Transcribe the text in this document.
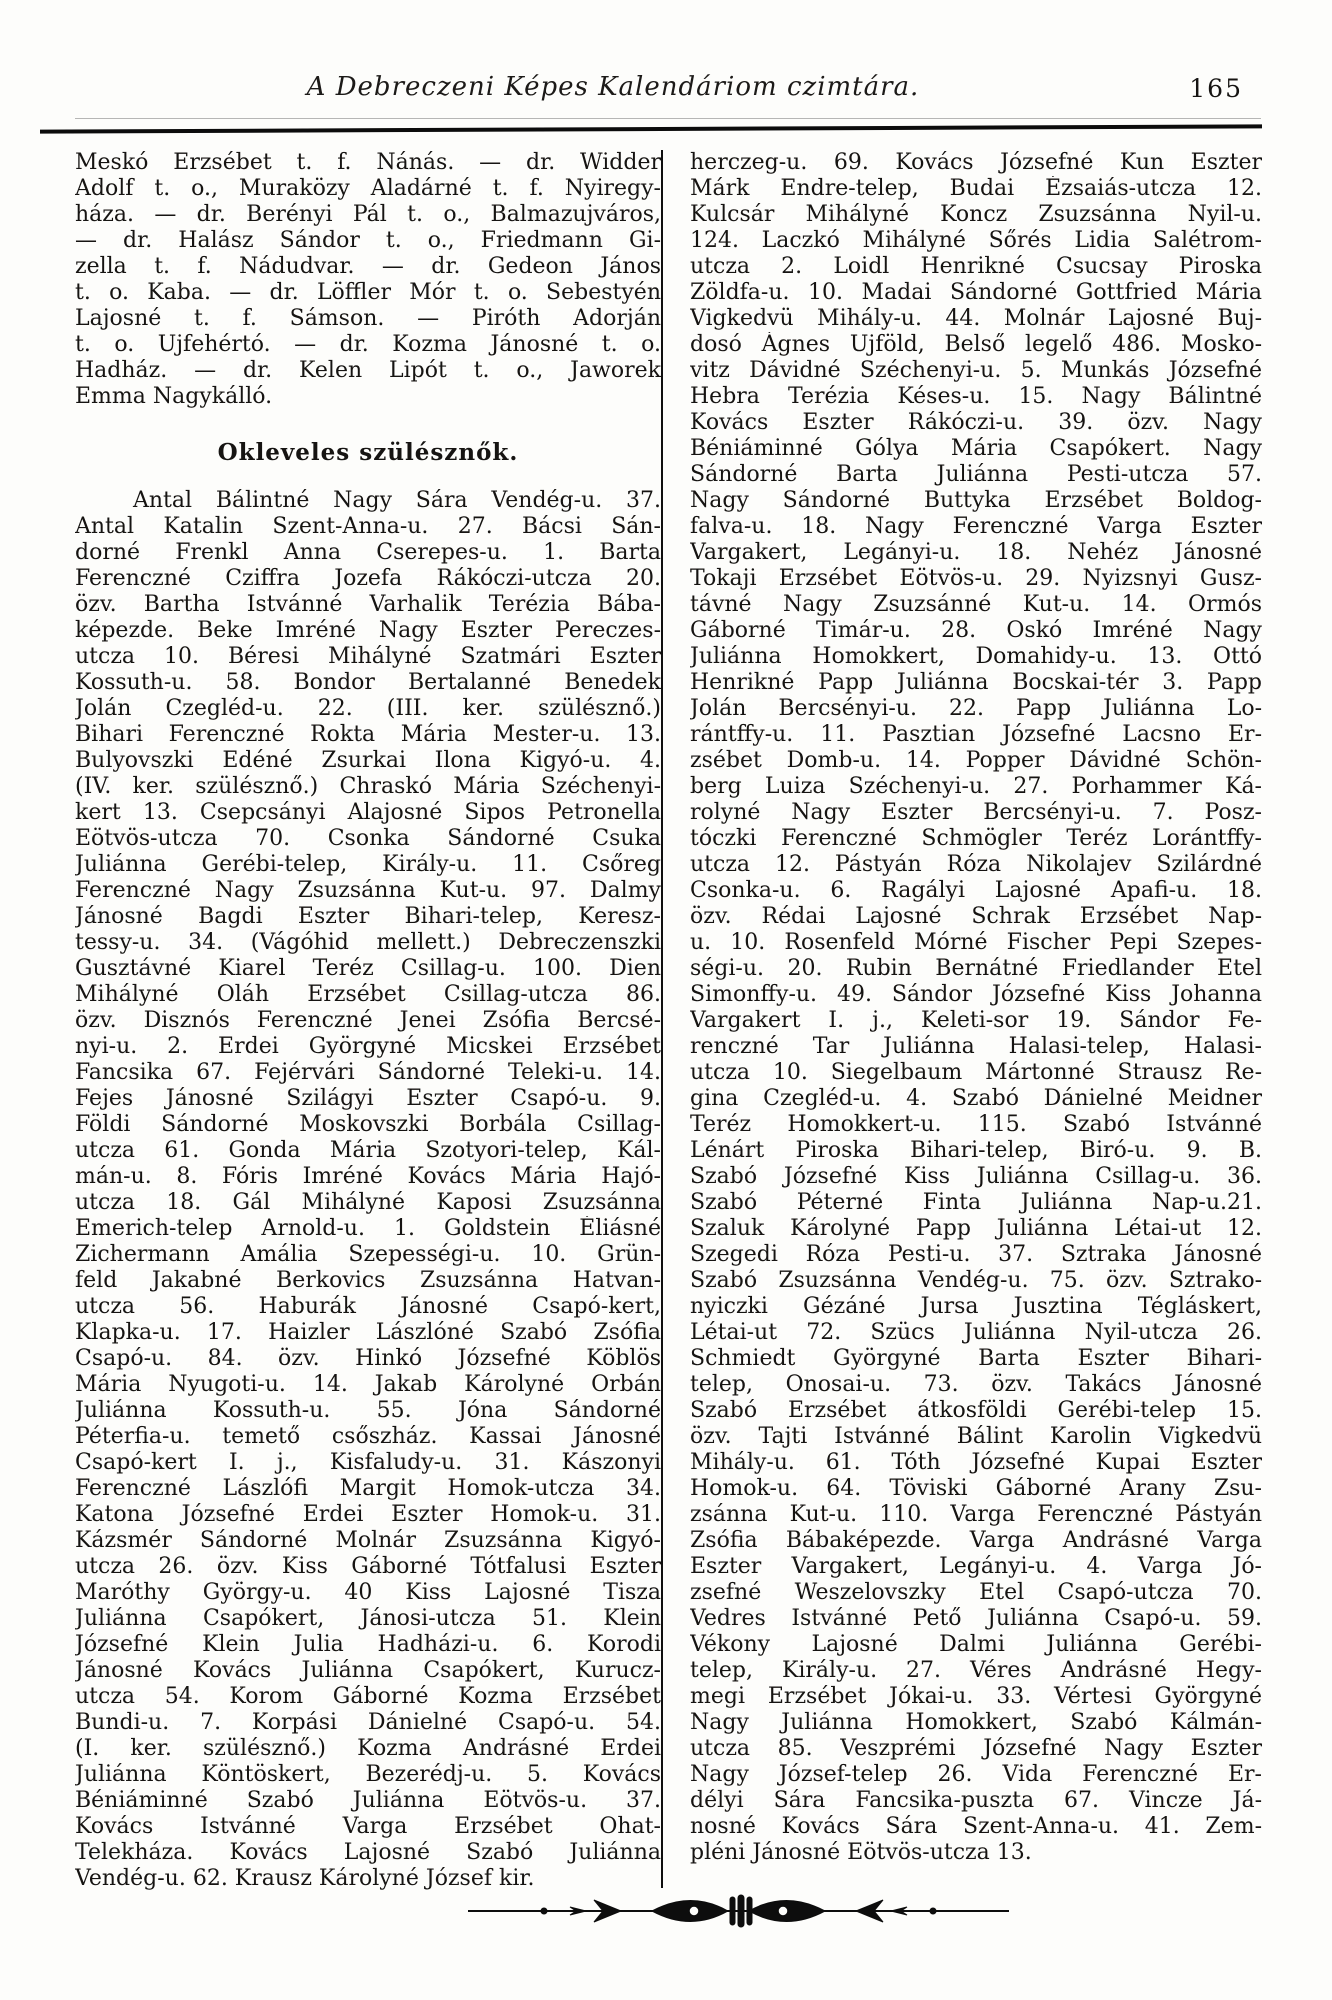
A Debreczeni Képes Kalendáriom czimtára.	165
Meskó Erzsébet t. f. Nánás. — dr. Widder
Adolf t. o., Muraközy Aladárné t. f. Nyiregy-
háza. — dr. Berényi Pál t. o., Balmazujváros,
— dr. Halász Sándor t. o., Friedmann Gi-
zella t. f. Nádudvar. — dr. Gedeon János
t. o. Kaba. — dr. Löffler Mór t. o. Sebestyén
Lajosné t. f. Sámson. — Piróth Adorján
t. o. Ujfehértó. — dr. Kozma Jánosné t. o.
Hadház. — dr. Kelen Lipót t. o., Jaworek
Emma Nagykálló.
Okleveles szülésznők.
Antal Bálintné Nagy Sára Vendég-u. 37.
Antal Katalin Szent-Anna-u. 27. Bácsi Sán-
dorné Frenkl Anna Cserepes-u. 1. Barta
Ferenczné Cziffra Jozefa Rákóczi-utcza 20.
özv. Bartha Istvánné Varhalik Terézia Bába-
képezde. Beke Imréné Nagy Eszter Pereczes-
utcza 10. Béresi Mihályné Szatmári Eszter
Kossuth-u. 58. Bondor Bertalanné Benedek
Jolán Czegléd-u. 22. (III. ker. szülésznő.)
Bihari Ferenczné Rokta Mária Mester-u. 13.
Bulyovszki Edéné Zsurkai Ilona Kigyó-u. 4.
(IV. ker. szülésznő.) Chraskó Mária Széchenyi-
kert 13. Csepcsányi Alajosné Sipos Petronella
Eötvös-utcza 70. Csonka Sándorné Csuka
Juliánna Gerébi-telep, Király-u. 11. Csőreg
Ferenczné Nagy Zsuzsánna Kut-u. 97. Dalmy
Jánosné Bagdi Eszter Bihari-telep, Keresz-
tessy-u. 34. (Vágóhid mellett.) Debreczenszki
Gusztávné Kiarel Teréz Csillag-u. 100. Dien
Mihályné Oláh Erzsébet Csillag-utcza 86.
özv. Disznós Ferenczné Jenei Zsófia Bercsé-
nyi-u. 2. Erdei Györgyné Micskei Erzsébet
Fancsika 67. Fejérvári Sándorné Teleki-u. 14.
Fejes Jánosné Szilágyi Eszter Csapó-u. 9.
Földi Sándorné Moskovszki Borbála Csillag-
utcza 61. Gonda Mária Szotyori-telep, Kál-
mán-u. 8. Fóris Imréné Kovács Mária Hajó-
utcza 18. Gál Mihályné Kaposi Zsuzsánna
Emerich-telep Arnold-u. 1. Goldstein Éliásné
Zichermann Amália Szepességi-u. 10. Grün-
feld Jakabné Berkovics Zsuzsánna Hatvan-
utcza 56. Haburák Jánosné Csapó-kert,
Klapka-u. 17. Haizler Lászlóné Szabó Zsófia
Csapó-u. 84. özv. Hinkó Józsefné Köblös
Mária Nyugoti-u. 14. Jakab Károlyné Orbán
Juliánna Kossuth-u. 55. Jóna Sándorné
Péterfia-u. temető csőszház. Kassai Jánosné
Csapó-kert I. j., Kisfaludy-u. 31. Kászonyi
Ferenczné Lászlófi Margit Homok-utcza 34.
Katona Józsefné Erdei Eszter Homok-u. 31.
Kázsmér Sándorné Molnár Zsuzsánna Kigyó-
utcza 26. özv. Kiss Gáborné Tótfalusi Eszter
Maróthy György-u. 40 Kiss Lajosné Tisza
Juliánna Csapókert, Jánosi-utcza 51. Klein
Józsefné Klein Julia Hadházi-u. 6. Korodi
Jánosné Kovács Juliánna Csapókert, Kurucz-
utcza 54. Korom Gáborné Kozma Erzsébet
Bundi-u. 7. Korpási Dánielné Csapó-u. 54.
(I. ker. szülésznő.) Kozma Andrásné Erdei
Juliánna Köntöskert, Bezerédj-u. 5. Kovács
Béniáminné Szabó Juliánna Eötvös-u. 37.
Kovács Istvánné Varga Erzsébet Ohat-
Telekháza. Kovács Lajosné Szabó Juliánna
Vendég-u. 62. Krausz Károlyné József kir.
herczeg-u. 69. Kovács Józsefné Kun Eszter
Márk Endre-telep, Budai Ézsaiás-utcza 12.
Kulcsár Mihályné Koncz Zsuzsánna Nyil-u.
124. Laczkó Mihályné Sőrés Lidia Salétrom-
utcza 2. Loidl Henrikné Csucsay Piroska
Zöldfa-u. 10. Madai Sándorné Gottfried Mária
Vigkedvü Mihály-u. 44. Molnár Lajosné Buj-
dosó Ágnes Ujföld, Belső legelő 486. Mosko-
vitz Dávidné Széchenyi-u. 5. Munkás Józsefné
Hebra Terézia Késes-u. 15. Nagy Bálintné
Kovács Eszter Rákóczi-u. 39. özv. Nagy
Béniáminné Gólya Mária Csapókert. Nagy
Sándorné Barta Juliánna Pesti-utcza 57.
Nagy Sándorné Buttyka Erzsébet Boldog-
falva-u. 18. Nagy Ferenczné Varga Eszter
Vargakert, Legányi-u. 18. Nehéz Jánosné
Tokaji Erzsébet Eötvös-u. 29. Nyizsnyi Gusz-
távné Nagy Zsuzsánné Kut-u. 14. Ormós
Gáborné Timár-u. 28. Oskó Imréné Nagy
Juliánna Homokkert, Domahidy-u. 13. Ottó
Henrikné Papp Juliánna Bocskai-tér 3. Papp
Jolán Bercsényi-u. 22. Papp Juliánna Lo-
rántffy-u. 11. Pasztian Józsefné Lacsno Er-
zsébet Domb-u. 14. Popper Dávidné Schön-
berg Luiza Széchenyi-u. 27. Porhammer Ká-
rolyné Nagy Eszter Bercsényi-u. 7. Posz-
tóczki Ferenczné Schmögler Teréz Lorántffy-
utcza 12. Pástyán Róza Nikolajev Szilárdné
Csonka-u. 6. Ragályi Lajosné Apafi-u. 18.
özv. Rédai Lajosné Schrak Erzsébet Nap-
u. 10. Rosenfeld Mórné Fischer Pepi Szepes-
ségi-u. 20. Rubin Bernátné Friedlander Etel
Simonffy-u. 49. Sándor Józsefné Kiss Johanna
Vargakert I. j., Keleti-sor 19. Sándor Fe-
renczné Tar Juliánna Halasi-telep, Halasi-
utcza 10. Siegelbaum Mártonné Strausz Re-
gina Czegléd-u. 4. Szabó Dánielné Meidner
Teréz Homokkert-u. 115. Szabó Istvánné
Lénárt Piroska Bihari-telep, Biró-u. 9. B.
Szabó Józsefné Kiss Juliánna Csillag-u. 36.
Szabó Péterné Finta Juliánna Nap-u.21.
Szaluk Károlyné Papp Juliánna Létai-ut 12.
Szegedi Róza Pesti-u. 37. Sztraka Jánosné
Szabó Zsuzsánna Vendég-u. 75. özv. Sztrako-
nyiczki Gézáné Jursa Jusztina Tégláskert,
Létai-ut 72. Szücs Juliánna Nyil-utcza 26.
Schmiedt Györgyné Barta Eszter Bihari-
telep, Onosai-u. 73. özv. Takács Jánosné
Szabó Erzsébet átkosföldi Gerébi-telep 15.
özv. Tajti Istvánné Bálint Karolin Vigkedvü
Mihály-u. 61. Tóth Józsefné Kupai Eszter
Homok-u. 64. Töviski Gáborné Arany Zsu-
zsánna Kut-u. 110. Varga Ferenczné Pástyán
Zsófia Bábaképezde. Varga Andrásné Varga
Eszter Vargakert, Legányi-u. 4. Varga Jó-
zsefné Weszelovszky Etel Csapó-utcza 70.
Vedres Istvánné Pető Juliánna Csapó-u. 59.
Vékony Lajosné Dalmi Juliánna Gerébi-
telep, Király-u. 27. Véres Andrásné Hegy-
megi Erzsébet Jókai-u. 33. Vértesi Györgyné
Nagy Juliánna Homokkert, Szabó Kálmán-
utcza 85. Veszprémi Józsefné Nagy Eszter
Nagy József-telep 26. Vida Ferenczné Er-
délyi Sára Fancsika-puszta 67. Vincze Já-
nosné Kovács Sára Szent-Anna-u. 41. Zem-
pléni Jánosné Eötvös-utcza 13.
